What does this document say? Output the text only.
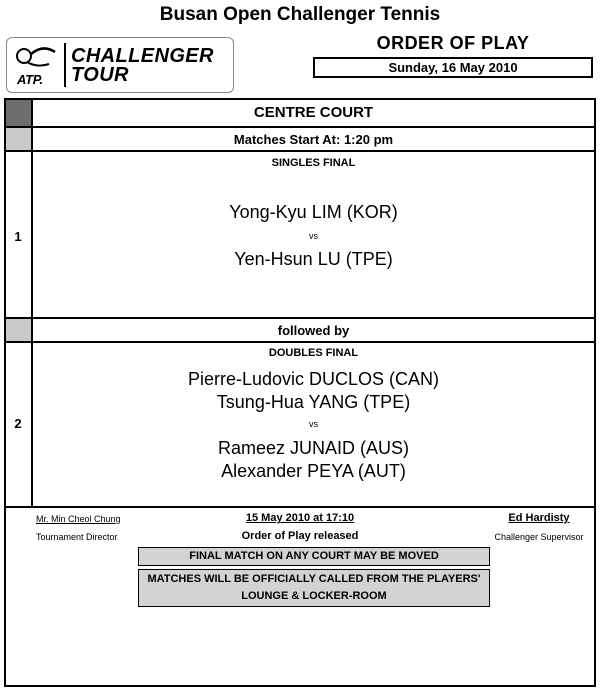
Busan Open Challenger Tennis
ATP.
CHALLENGER
TOUR
ORDER OF PLAY
Sunday, 16 May 2010
CENTRE COURT
Matches Start At: 1:20 pm
SINGLES FINAL
1
Yong-Kyu LIM (KOR)
vs
Yen-Hsun LU (TPE)
followed by
DOUBLES FINAL
2
Pierre-Ludovic DUCLOS (CAN)
Tsung-Hua YANG (TPE)
vs
Rameez JUNAID (AUS)
Alexander PEYA (AUT)
Mr. Min Cheol Chung
Tournament Director
15 May 2010 at 17:10
Order of Play released
Ed Hardisty
Challenger Supervisor
FINAL MATCH ON ANY COURT MAY BE MOVED
MATCHES WILL BE OFFICIALLY CALLED FROM THE PLAYERS'
LOUNGE & LOCKER-ROOM
